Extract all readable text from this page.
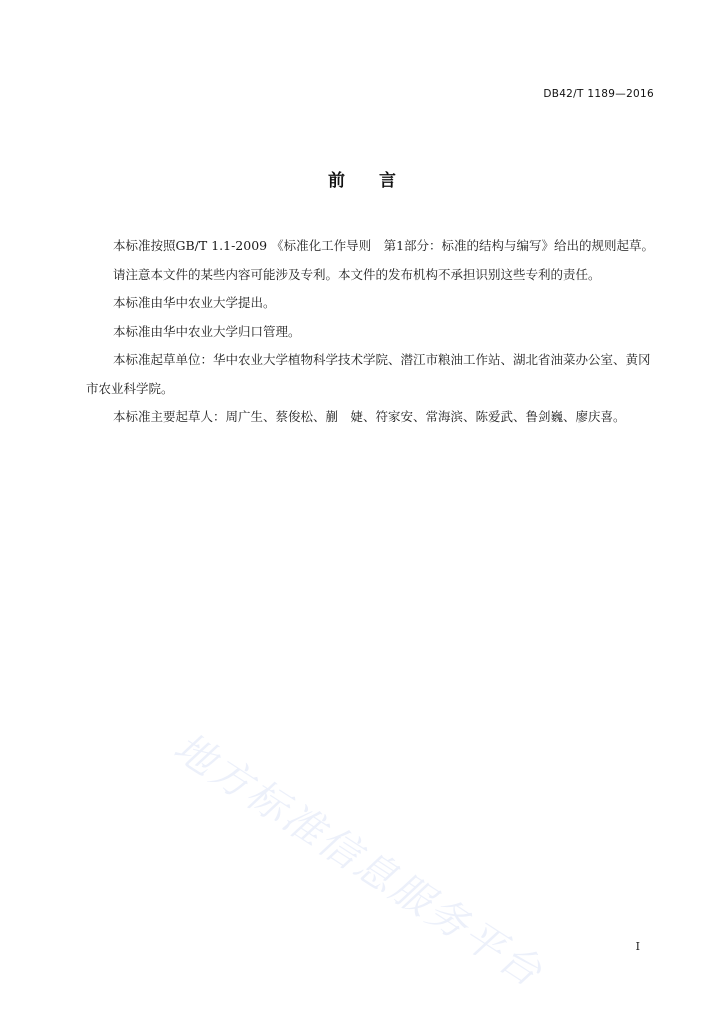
DB42/T 1189—2016
前 言

本标准按照GB/T 1.1-2009 《标准化工作导则　第1部分：标准的结构与编写》给出的规则起草。

请注意本文件的某些内容可能涉及专利。本文件的发布机构不承担识别这些专利的责任。

本标准由华中农业大学提出。

本标准由华中农业大学归口管理。

本标准起草单位：华中农业大学植物科学技术学院、潜江市粮油工作站、湖北省油菜办公室、黄冈市农业科学院。

本标准主要起草人：周广生、蔡俊松、蒯　婕、符家安、常海滨、陈爱武、鲁剑巍、廖庆喜。

地方标准信息服务平台	I
